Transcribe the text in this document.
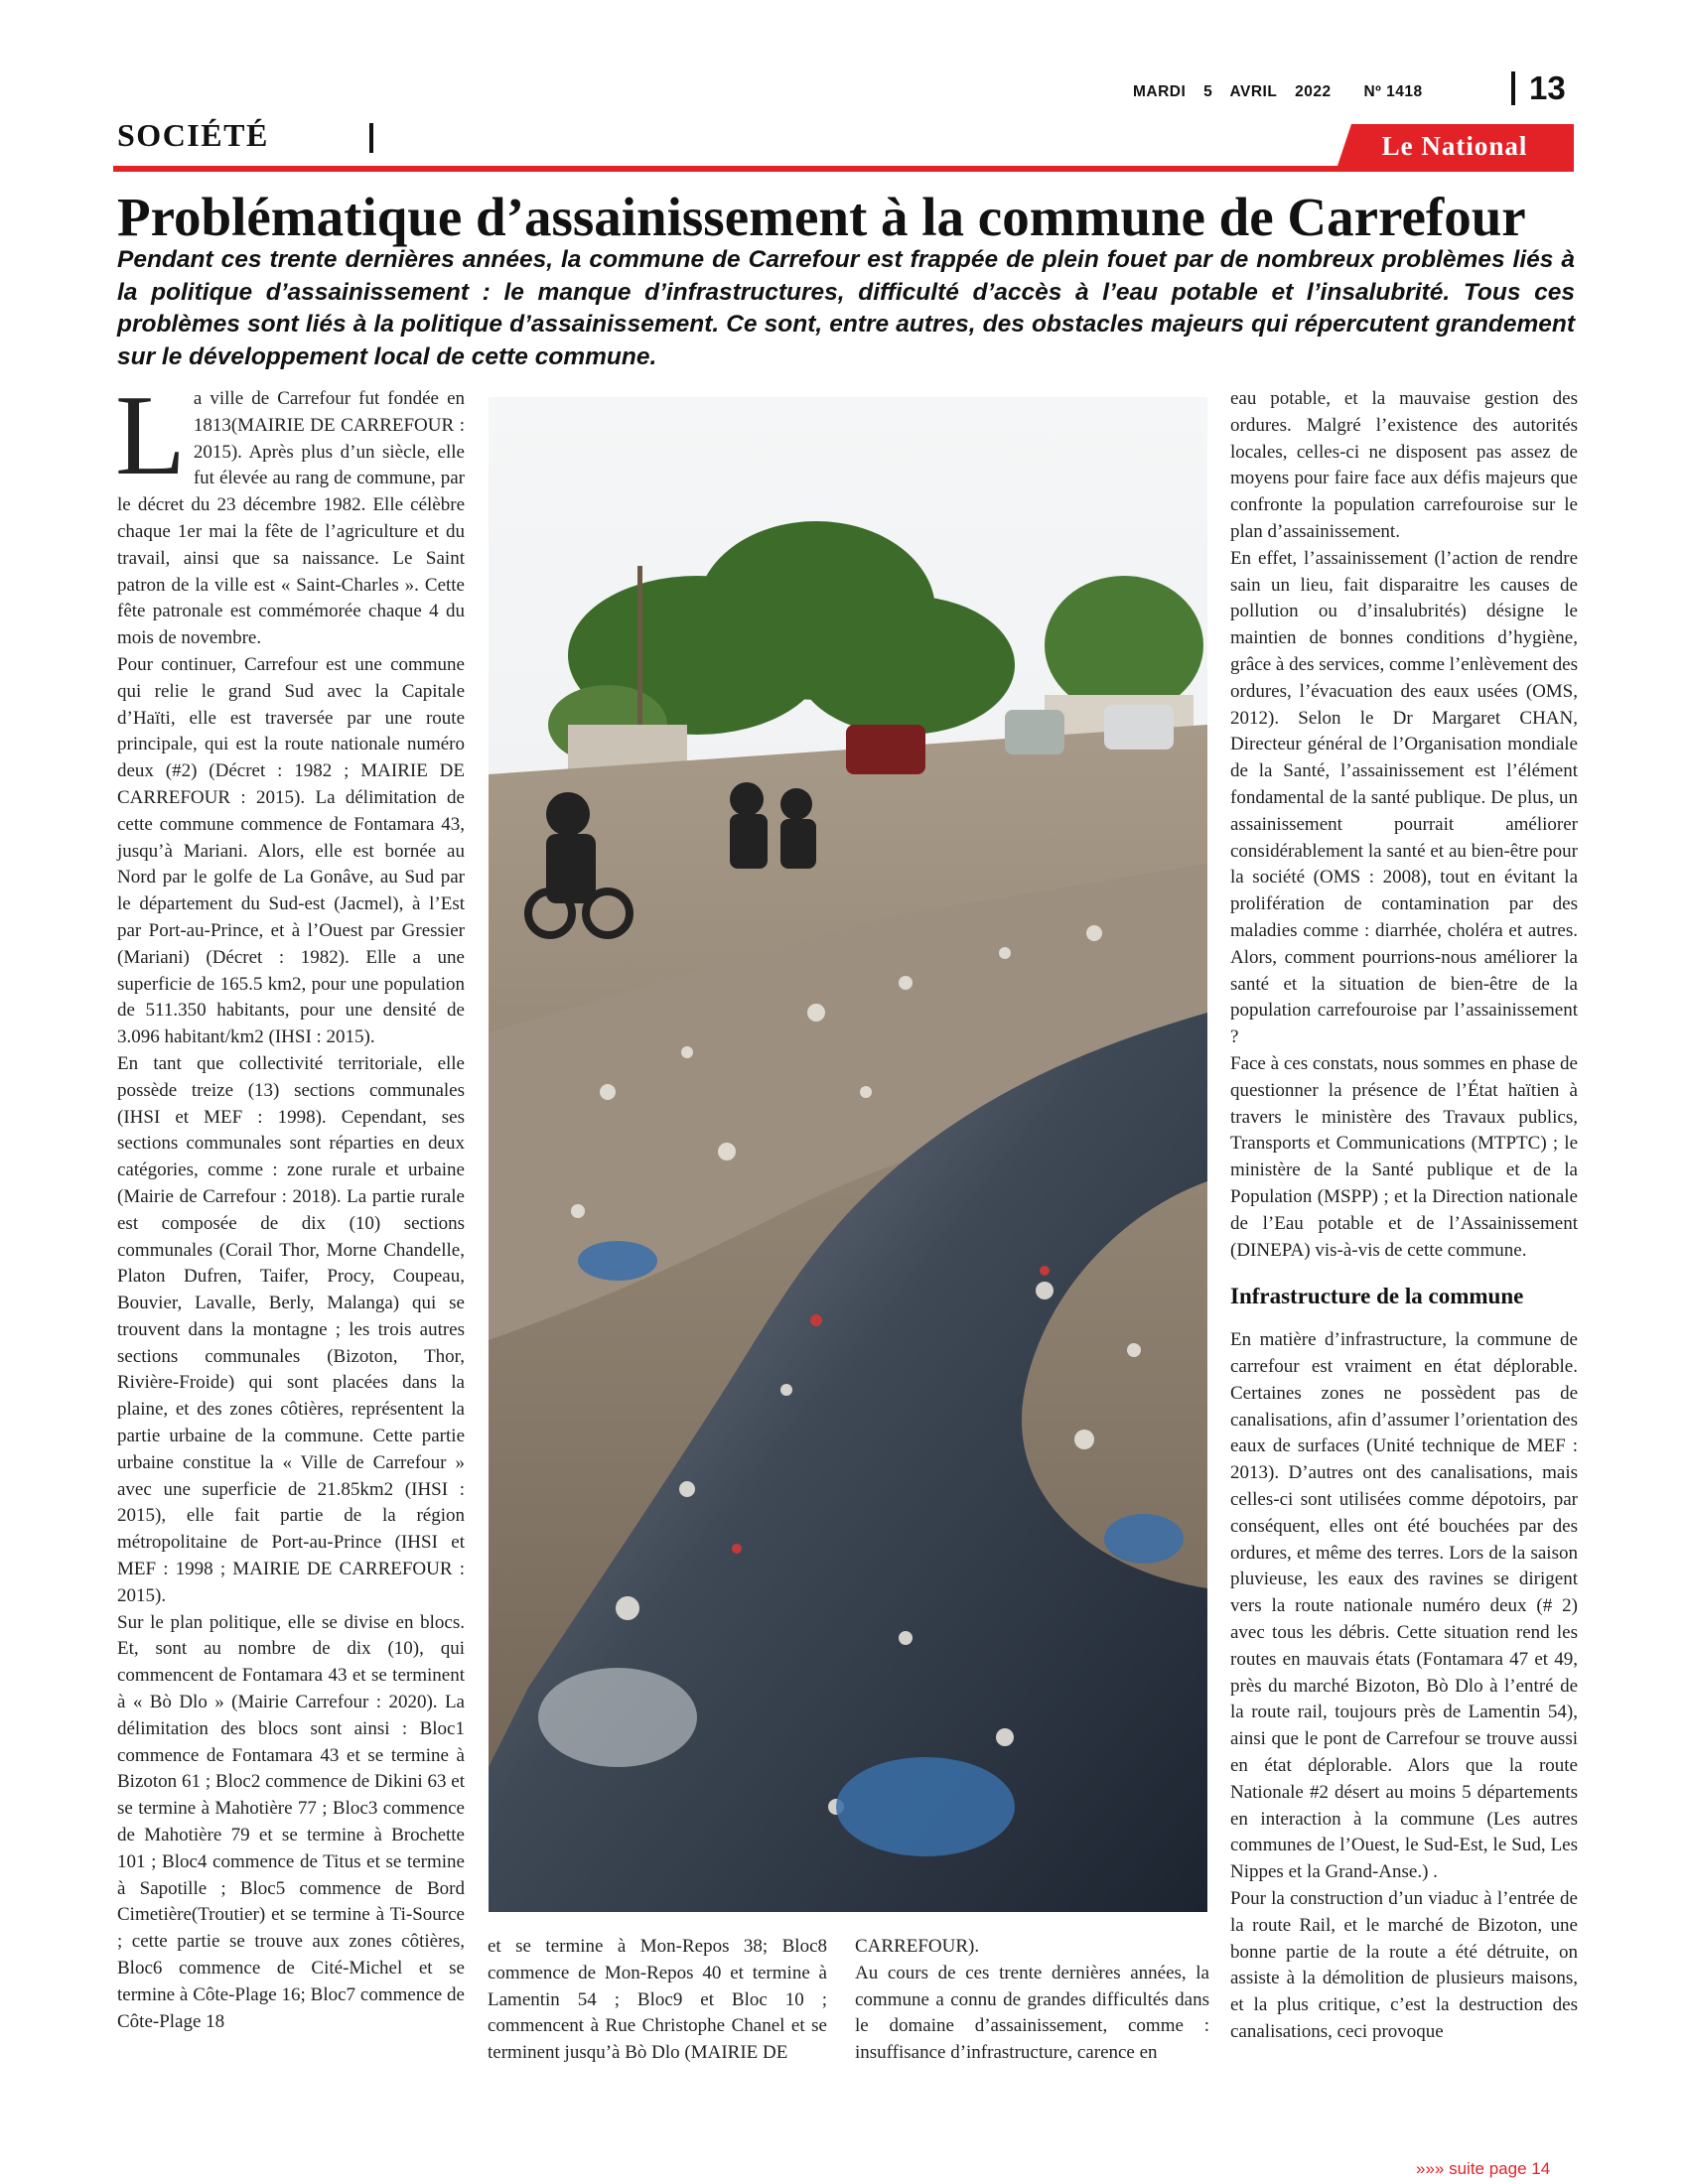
MARDI 5 AVRIL 2022 Nº 1418	13
SOCIÉTÉ	Le National
Problématique d’assainissement à la commune de Carrefour
Pendant ces trente dernières années, la commune de Carrefour est frappée de plein fouet par de nombreux problèmes liés à la politique d’assainissement : le manque d’infrastructures, difficulté d’accès à l’eau potable et l’insalubrité. Tous ces problèmes sont liés à la politique d’assainissement. Ce sont, entre autres, des obstacles majeurs qui répercutent grandement sur le développement local de cette commune.

La ville de Carrefour fut fondée en 1813(MAIRIE DE CARREFOUR : 2015). Après plus d’un siècle, elle fut élevée au rang de commune, par le décret du 23 décembre 1982. Elle célèbre chaque 1er mai la fête de l’agriculture et du travail, ainsi que sa naissance. Le Saint patron de la ville est « Saint-Charles ». Cette fête patronale est commémorée chaque 4 du mois de novembre.

Pour continuer, Carrefour est une commune qui relie le grand Sud avec la Capitale d’Haïti, elle est traversée par une route principale, qui est la route nationale numéro deux (#2) (Décret : 1982 ; MAIRIE DE CARREFOUR : 2015). La délimitation de cette commune commence de Fontamara 43, jusqu’à Mariani. Alors, elle est bornée au Nord par le golfe de La Gonâve, au Sud par le département du Sud-est (Jacmel), à l’Est par Port-au-Prince, et à l’Ouest par Gressier (Mariani) (Décret : 1982). Elle a une superficie de 165.5 km2, pour une population de 511.350 habitants, pour une densité de 3.096 habitant/km2 (IHSI : 2015).

En tant que collectivité territoriale, elle possède treize (13) sections communales (IHSI et MEF : 1998). Cependant, ses sections communales sont réparties en deux catégories, comme : zone rurale et urbaine (Mairie de Carrefour : 2018). La partie rurale est composée de dix (10) sections communales (Corail Thor, Morne Chandelle, Platon Dufren, Taifer, Procy, Coupeau, Bouvier, Lavalle, Berly, Malanga) qui se trouvent dans la montagne ; les trois autres sections communales (Bizoton, Thor, Rivière-Froide) qui sont placées dans la plaine, et des zones côtières, représentent la partie urbaine de la commune. Cette partie urbaine constitue la « Ville de Carrefour » avec une superficie de 21.85km2 (IHSI : 2015), elle fait partie de la région métropolitaine de Port-au-Prince (IHSI et MEF : 1998 ; MAIRIE DE CARREFOUR : 2015).

Sur le plan politique, elle se divise en blocs. Et, sont au nombre de dix (10), qui commencent de Fontamara 43 et se terminent à « Bò Dlo » (Mairie Carrefour : 2020). La délimitation des blocs sont ainsi : Bloc1 commence de Fontamara 43 et se termine à Bizoton 61 ; Bloc2 commence de Dikini 63 et se termine à Mahotière 77 ; Bloc3 commence de Mahotière 79 et se termine à Brochette 101 ; Bloc4 commence de Titus et se termine à Sapotille ; Bloc5 commence de Bord Cimetière(Troutier) et se termine à Ti-Source ; cette partie se trouve aux zones côtières, Bloc6 commence de Cité-Michel et se termine à Côte-Plage 16; Bloc7 commence de Côte-Plage 18

et se termine à Mon-Repos 38; Bloc8 commence de Mon-Repos 40 et termine à Lamentin 54 ; Bloc9 et Bloc 10 ; commencent à Rue Christophe Chanel et se terminent jusqu’à Bò Dlo (MAIRIE DE

CARREFOUR).

Au cours de ces trente dernières années, la commune a connu de grandes difficultés dans le domaine d’assainissement, comme : insuffisance d’infrastructure, carence en

eau potable, et la mauvaise gestion des ordures. Malgré l’existence des autorités locales, celles-ci ne disposent pas assez de moyens pour faire face aux défis majeurs que confronte la population carrefouroise sur le plan d’assainissement.

En effet, l’assainissement (l’action de rendre sain un lieu, fait disparaitre les causes de pollution ou d’insalubrités) désigne le maintien de bonnes conditions d’hygiène, grâce à des services, comme l’enlèvement des ordures, l’évacuation des eaux usées (OMS, 2012). Selon le Dr Margaret CHAN, Directeur général de l’Organisation mondiale de la Santé, l’assainissement est l’élément fondamental de la santé publique. De plus, un assainissement pourrait améliorer considérablement la santé et au bien-être pour la société (OMS : 2008), tout en évitant la prolifération de contamination par des maladies comme : diarrhée, choléra et autres. Alors, comment pourrions-nous améliorer la santé et la situation de bien-être de la population carrefouroise par l’assainissement ?

Face à ces constats, nous sommes en phase de questionner la présence de l’État haïtien à travers le ministère des Travaux publics, Transports et Communications (MTPTC) ; le ministère de la Santé publique et de la Population (MSPP) ; et la Direction nationale de l’Eau potable et de l’Assainissement (DINEPA) vis-à-vis de cette commune.

Infrastructure de la commune

En matière d’infrastructure, la commune de carrefour est vraiment en état déplorable. Certaines zones ne possèdent pas de canalisations, afin d’assumer l’orientation des eaux de surfaces (Unité technique de MEF : 2013). D’autres ont des canalisations, mais celles-ci sont utilisées comme dépotoirs, par conséquent, elles ont été bouchées par des ordures, et même des terres. Lors de la saison pluvieuse, les eaux des ravines se dirigent vers la route nationale numéro deux (# 2) avec tous les débris. Cette situation rend les routes en mauvais états (Fontamara 47 et 49, près du marché Bizoton, Bò Dlo à l’entré de la route rail, toujours près de Lamentin 54), ainsi que le pont de Carrefour se trouve aussi en état déplorable. Alors que la route Nationale #2 désert au moins 5 départements en interaction à la commune (Les autres communes de l’Ouest, le Sud-Est, le Sud, Les Nippes et la Grand-Anse.) .

Pour la construction d’un viaduc à l’entrée de la route Rail, et le marché de Bizoton, une bonne partie de la route a été détruite, on assiste à la démolition de plusieurs maisons, et la plus critique, c’est la destruction des canalisations, ceci provoque

»»» suite page 14
